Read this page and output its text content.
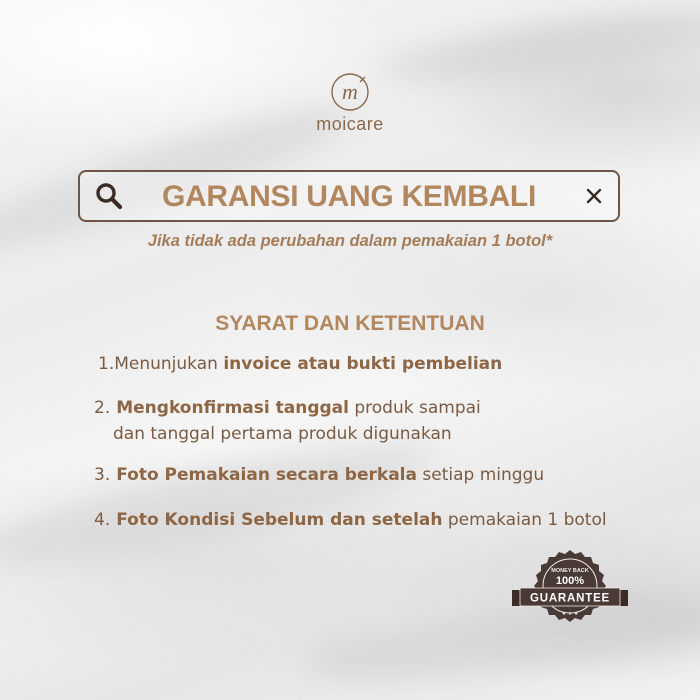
m
moicare
GARANSI UANG KEMBALI
Jika tidak ada perubahan dalam pemakaian 1 botol*
SYARAT DAN KETENTUAN
1.Menunjukan invoice atau bukti pembelian
2. Mengkonfirmasi tanggal produk sampai
dan tanggal pertama produk digunakan
3. Foto Pemakaian secara berkala setiap minggu
4. Foto Kondisi Sebelum dan setelah pemakaian 1 botol
MONEY BACK
100%
GUARANTEE
★ ★ ★
